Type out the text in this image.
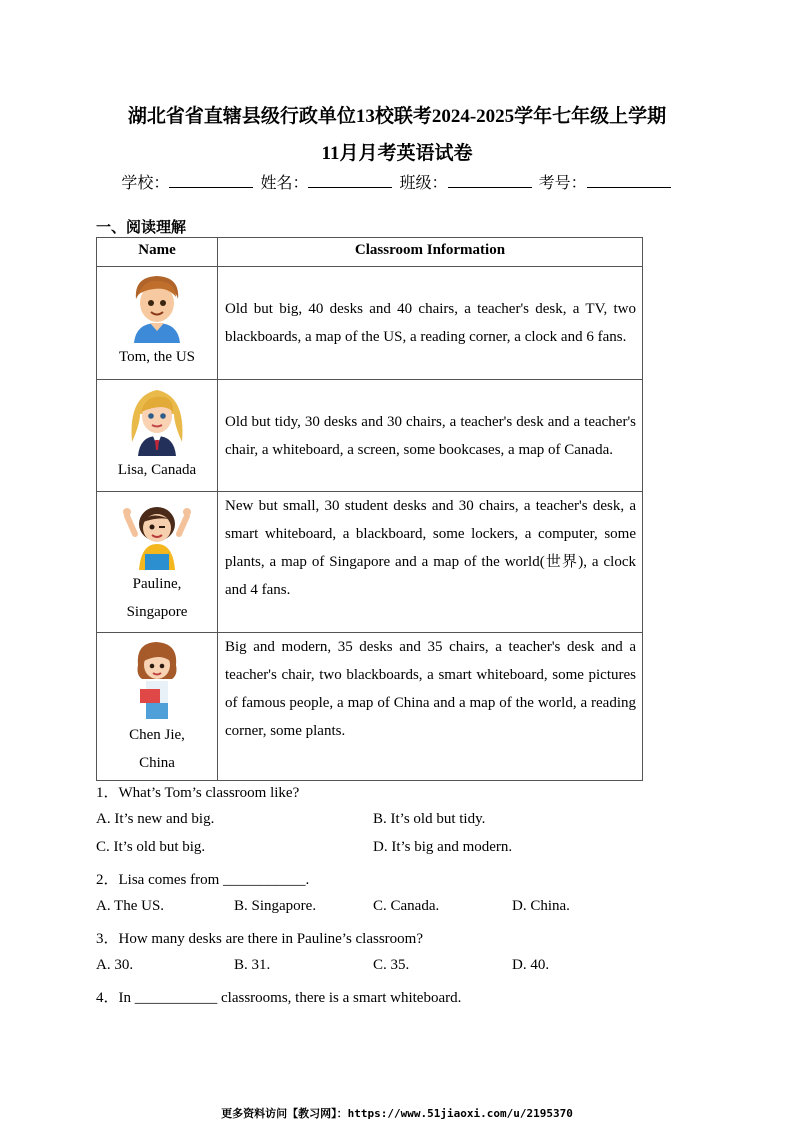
湖北省省直辖县级行政单位13校联考2024-2025学年七年级上学期
11月月考英语试卷
学校：	姓名：	班级：	考号：
一、阅读理解
Name	Classroom Information

Tom, the US	Old but big, 40 desks and 40 chairs, a teacher's desk, a TV, two blackboards, a map of the US, a reading corner, a clock and 6 fans.

Lisa, Canada	Old but tidy, 30 desks and 30 chairs, a teacher's desk and a teacher's chair, a whiteboard, a screen, some bookcases, a map of Canada.

Pauline,
Singapore	New but small, 30 student desks and 30 chairs, a teacher's desk, a smart whiteboard, a blackboard, some lockers, a computer, some plants, a map of Singapore and a map of the world(世界), a clock and 4 fans.

Chen Jie,
China	Big and modern, 35 desks and 35 chairs, a teacher's desk and a teacher's chair, two blackboards, a smart whiteboard, some pictures of famous people, a map of China and a map of the world, a reading corner, some plants.
1．What’s Tom’s classroom like?
A. It’s new and big.	B. It’s old but tidy.
C. It’s old but big.	D. It’s big and modern.
2．Lisa comes from ___________.
A. The US.	B. Singapore.	C. Canada.	D. China.
3．How many desks are there in Pauline’s classroom?
A. 30.	B. 31.	C. 35.	D. 40.
4．In ___________ classrooms, there is a smart whiteboard.
更多资料访问【教习网】：https://www.51jiaoxi.com/u/2195370
